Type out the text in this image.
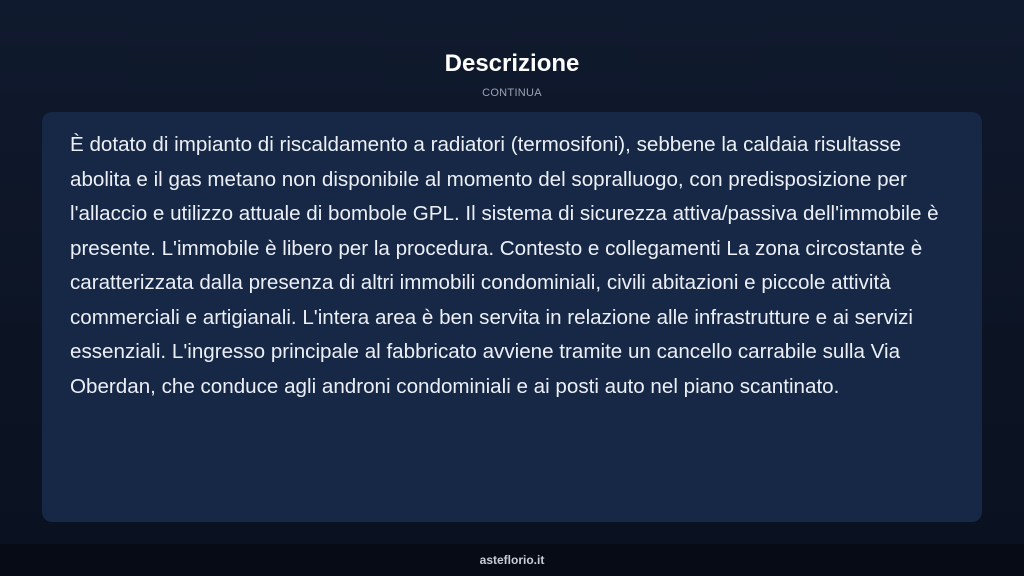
Descrizione
CONTINUA

È dotato di impianto di riscaldamento a radiatori (termosifoni), sebbene la caldaia risultasse abolita e il gas metano non disponibile al momento del sopralluogo, con predisposizione per l'allaccio e utilizzo attuale di bombole GPL. Il sistema di sicurezza attiva/passiva dell'immobile è presente. L'immobile è libero per la procedura. Contesto e collegamenti La zona circostante è caratterizzata dalla presenza di altri immobili condominiali, civili abitazioni e piccole attività commerciali e artigianali. L'intera area è ben servita in relazione alle infrastrutture e ai servizi essenziali. L'ingresso principale al fabbricato avviene tramite un cancello carrabile sulla Via Oberdan, che conduce agli androni condominiali e ai posti auto nel piano scantinato.

asteflorio.it
